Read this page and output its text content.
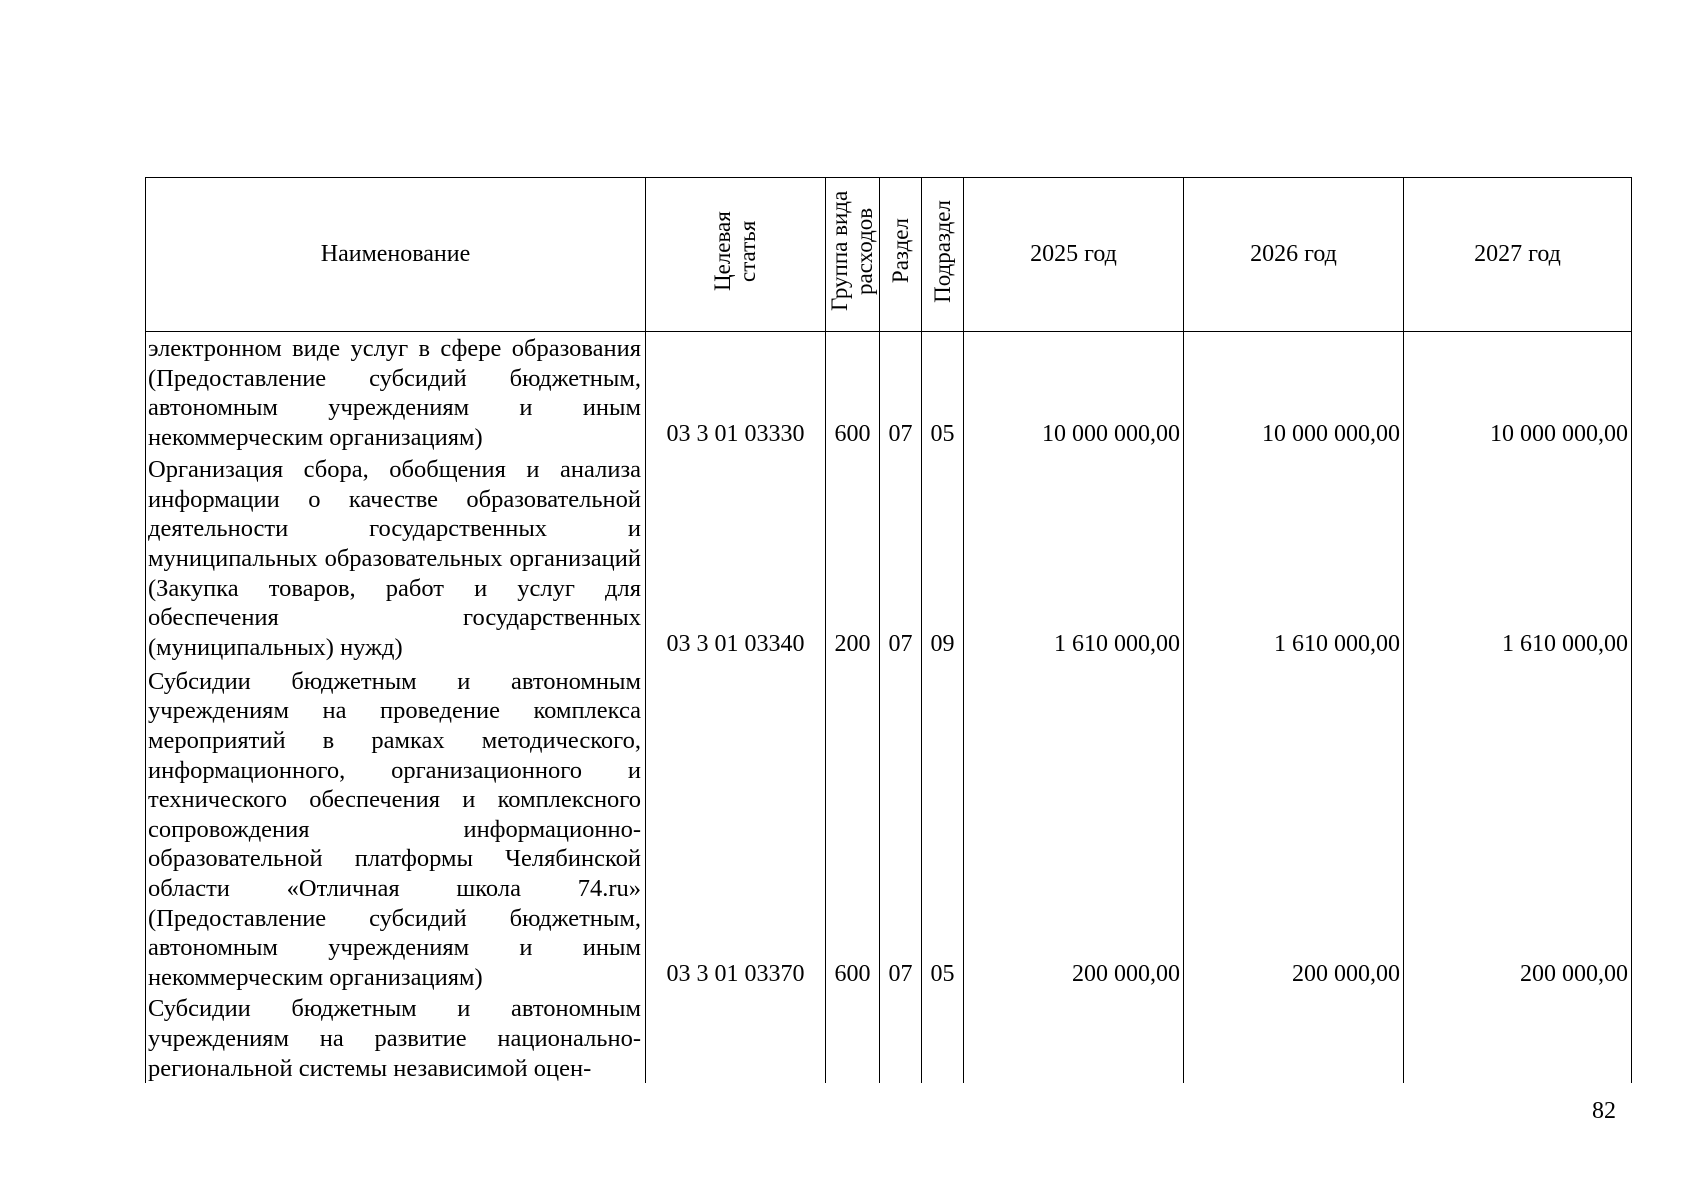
Наименование	Целевая статья	Группа вида расходов	Раздел	Подраздел	2025 год	2026 год	2027 год
электронном виде услуг в сфере образования (Предоставление субсидий бюджетным, автономным учреждениям и иным некоммерческим организациям)	03 3 01 03330	600	07	05	10 000 000,00	10 000 000,00	10 000 000,00
Организация сбора, обобщения и анализа информации о качестве образовательной деятельности государственных и муниципальных образовательных организаций (Закупка товаров, работ и услуг для обеспечения государственных (муниципальных) нужд)	03 3 01 03340	200	07	09	1 610 000,00	1 610 000,00	1 610 000,00
Субсидии бюджетным и автономным учреждениям на проведение комплекса мероприятий в рамках методического, информационного, организационного и технического обеспечения и комплексного сопровождения информационно-образовательной платформы Челябинской области «Отличная школа 74.ru» (Предоставление субсидий бюджетным, автономным учреждениям и иным некоммерческим организациям)	03 3 01 03370	600	07	05	200 000,00	200 000,00	200 000,00
Субсидии бюджетным и автономным учреждениям на развитие национально-региональной системы независимой оцен-							
82
